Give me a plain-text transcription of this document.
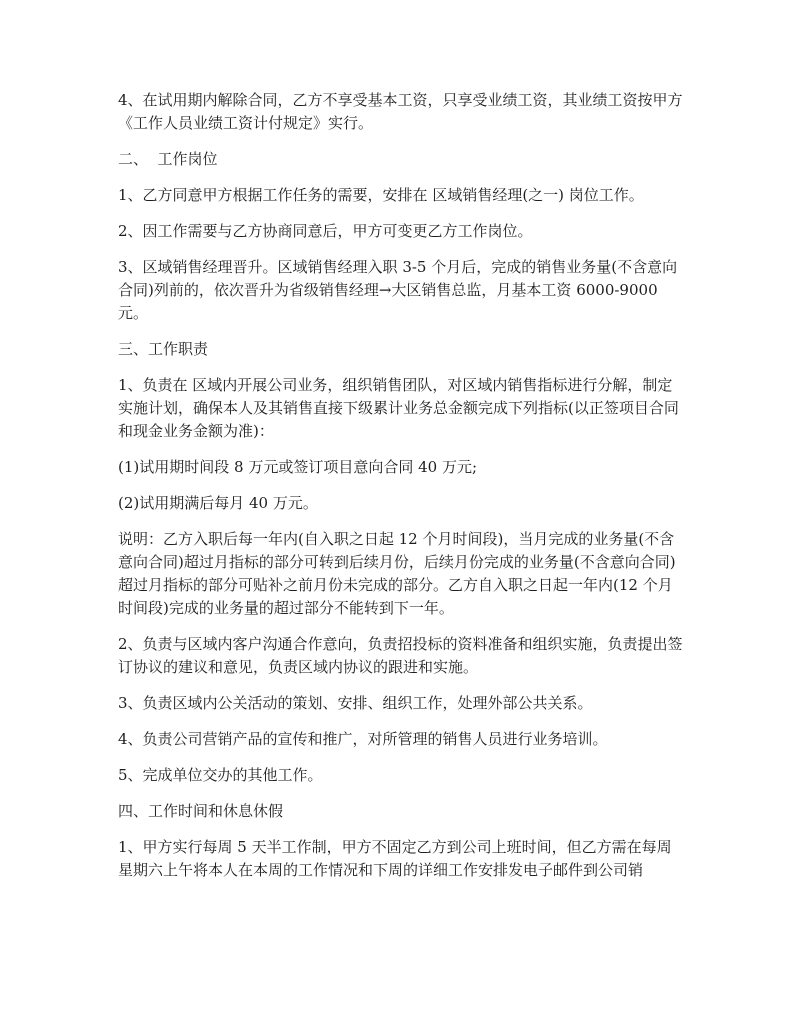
4、在试用期内解除合同，乙方不享受基本工资，只享受业绩工资，其业绩工资按甲方《工作人员业绩工资计付规定》实行。

二、  工作岗位

1、乙方同意甲方根据工作任务的需要，安排在 区域销售经理(之一) 岗位工作。

2、因工作需要与乙方协商同意后，甲方可变更乙方工作岗位。

3、区域销售经理晋升。区域销售经理入职 3-5 个月后，完成的销售业务量(不含意向合同)列前的，依次晋升为省级销售经理→大区销售总监，月基本工资 6000-9000 元。

三、工作职责

1、负责在 区域内开展公司业务，组织销售团队，对区域内销售指标进行分解，制定实施计划，确保本人及其销售直接下级累计业务总金额完成下列指标(以正签项目合同和现金业务金额为准)：

(1)试用期时间段 8 万元或签订项目意向合同 40 万元;

(2)试用期满后每月 40 万元。

说明：乙方入职后每一年内(自入职之日起 12 个月时间段)，当月完成的业务量(不含意向合同)超过月指标的部分可转到后续月份，后续月份完成的业务量(不含意向合同)超过月指标的部分可贴补之前月份未完成的部分。乙方自入职之日起一年内(12 个月时间段)完成的业务量的超过部分不能转到下一年。

2、负责与区域内客户沟通合作意向，负责招投标的资料准备和组织实施，负责提出签订协议的建议和意见，负责区域内协议的跟进和实施。

3、负责区域内公关活动的策划、安排、组织工作，处理外部公共关系。

4、负责公司营销产品的宣传和推广，对所管理的销售人员进行业务培训。

5、完成单位交办的其他工作。

四、工作时间和休息休假

1、甲方实行每周 5 天半工作制，甲方不固定乙方到公司上班时间，但乙方需在每周星期六上午将本人在本周的工作情况和下周的详细工作安排发电子邮件到公司销
